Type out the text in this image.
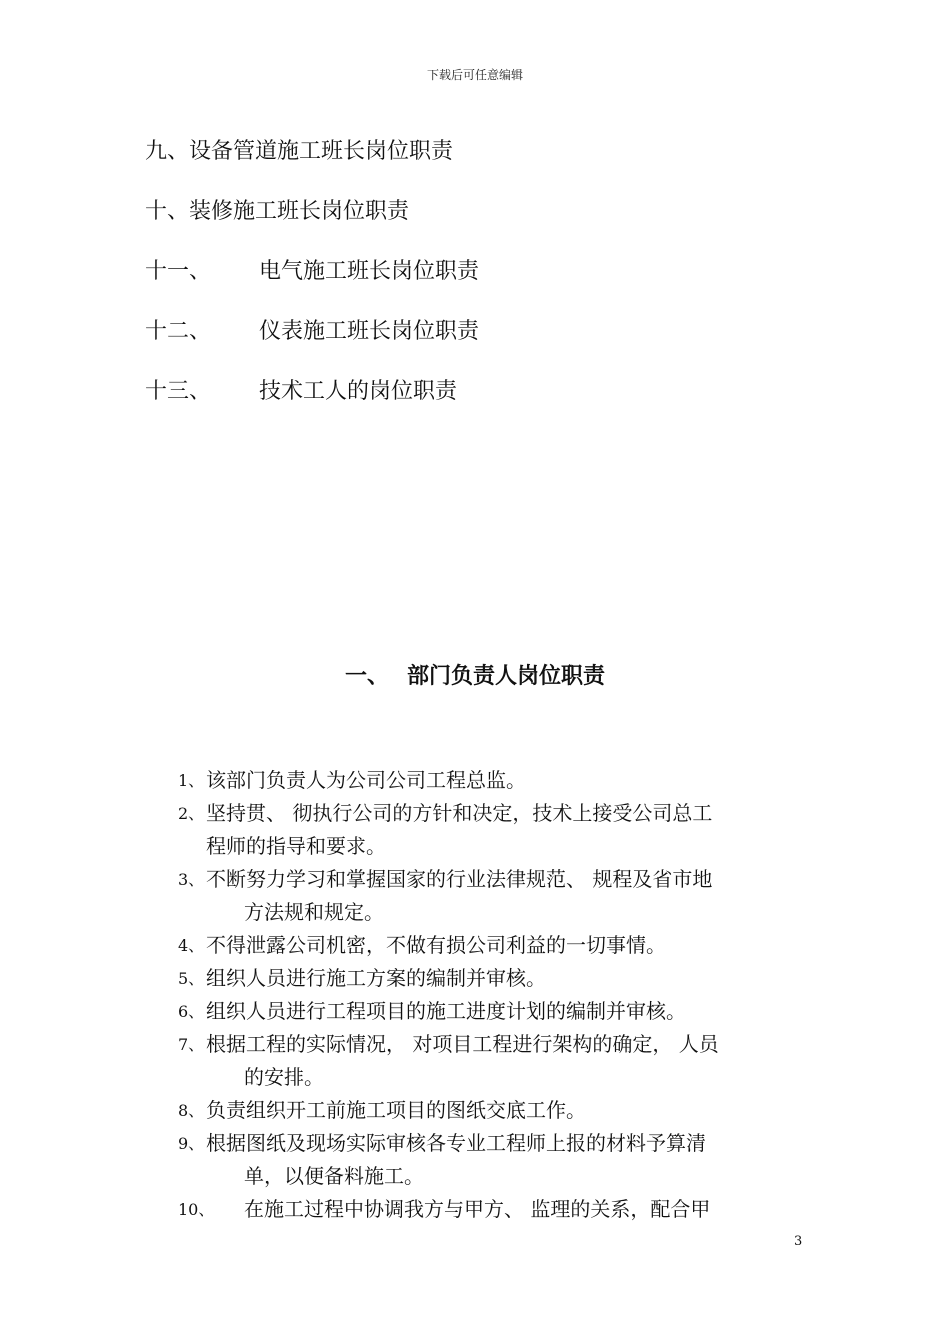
下载后可任意编辑
九、设备管道施工班长岗位职责
十、装修施工班长岗位职责
十一、 电气施工班长岗位职责
十二、 仪表施工班长岗位职责
十三、 技术工人的岗位职责
一、 部门负责人岗位职责
1、 该部门负责人为公司公司工程总监。
2、 坚持贯、 彻执行公司的方针和决定，技术上接受公司总工
程师的指导和要求。
3、 不断努力学习和掌握国家的行业法律规范、 规程及省市地
方法规和规定。
4、 不得泄露公司机密，不做有损公司利益的一切事情。
5、 组织人员进行施工方案的编制并审核。
6、 组织人员进行工程项目的施工进度计划的编制并审核。
7、 根据工程的实际情况， 对项目工程进行架构的确定， 人员
的安排。
8、 负责组织开工前施工项目的图纸交底工作。
9、 根据图纸及现场实际审核各专业工程师上报的材料予算清
单，以便备料施工。
10、 在施工过程中协调我方与甲方、 监理的关系，配合甲
3
